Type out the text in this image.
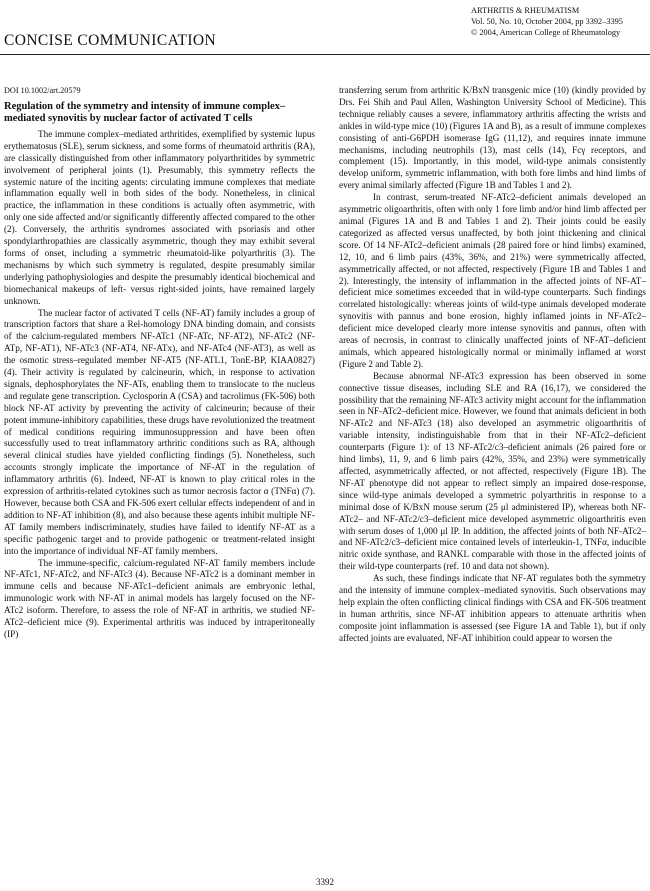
ARTHRITIS & RHEUMATISM
Vol. 50, No. 10, October 2004, pp 3392–3395
© 2004, American College of Rheumatology
CONCISE COMMUNICATION
DOI 10.1002/art.20579
Regulation of the symmetry and intensity of immune complex–mediated synovitis by nuclear factor of activated T cells

The immune complex–mediated arthritides, exemplified by systemic lupus erythematosus (SLE), serum sickness, and some forms of rheumatoid arthritis (RA), are classically distinguished from other inflammatory polyarthritides by symmetric involvement of peripheral joints (1). Presumably, this symmetry reflects the systemic nature of the inciting agents: circulating immune complexes that mediate inflammation equally well in both sides of the body. Nonetheless, in clinical practice, the inflammation in these conditions is actually often asymmetric, with only one side affected and/or significantly differently affected compared to the other (2). Conversely, the arthritis syndromes associated with psoriasis and other spondylarthropathies are classically asymmetric, though they may exhibit several forms of onset, including a symmetric rheumatoid-like polyarthritis (3). The mechanisms by which such symmetry is regulated, despite presumably similar underlying pathophysiologies and despite the presumably identical biochemical and biomechanical makeups of left- versus right-sided joints, have remained largely unknown.

The nuclear factor of activated T cells (NF-AT) family includes a group of transcription factors that share a Rel-homology DNA binding domain, and consists of the calcium-regulated members NF-ATc1 (NF-ATc, NF-AT2), NF-ATc2 (NF-ATp, NF-AT1), NF-ATc3 (NF-AT4, NF-ATx), and NF-ATc4 (NF-AT3), as well as the osmotic stress–regulated member NF-AT5 (NF-ATL1, TonE-BP, KIAA0827) (4). Their activity is regulated by calcineurin, which, in response to activation signals, dephosphorylates the NF-ATs, enabling them to translocate to the nucleus and regulate gene transcription. Cyclosporin A (CSA) and tacrolimus (FK-506) both block NF-AT activity by preventing the activity of calcineurin; because of their potent immune-inhibitory capabilities, these drugs have revolutionized the treatment of medical conditions requiring immunosuppression and have been often successfully used to treat inflammatory arthritic conditions such as RA, although several clinical studies have yielded conflicting findings (5). Nonetheless, such accounts strongly implicate the importance of NF-AT in the regulation of inflammatory arthritis (6). Indeed, NF-AT is known to play critical roles in the expression of arthritis-related cytokines such as tumor necrosis factor α (TNFα) (7). However, because both CSA and FK-506 exert cellular effects independent of and in addition to NF-AT inhibition (8), and also because these agents inhibit multiple NF-AT family members indiscriminately, studies have failed to identify NF-AT as a specific pathogenic target and to provide pathogenic or treatment-related insight into the importance of individual NF-AT family members.

The immune-specific, calcium-regulated NF-AT family members include NF-ATc1, NF-ATc2, and NF-ATc3 (4). Because NF-ATc2 is a dominant member in immune cells and because NF-ATc1–deficient animals are embryonic lethal, immunologic work with NF-AT in animal models has largely focused on the NF-ATc2 isoform. Therefore, to assess the role of NF-AT in arthritis, we studied NF-ATc2–deficient mice (9). Experimental arthritis was induced by intraperitoneally (IP)

transferring serum from arthritic K/BxN transgenic mice (10) (kindly provided by Drs. Fei Shih and Paul Allen, Washington University School of Medicine). This technique reliably causes a severe, inflammatory arthritis affecting the wrists and ankles in wild-type mice (10) (Figures 1A and B), as a result of immune complexes consisting of anti-G6PDH isomerase IgG (11,12), and requires innate immune mechanisms, including neutrophils (13), mast cells (14), Fcγ receptors, and complement (15). Importantly, in this model, wild-type animals consistently develop uniform, symmetric inflammation, with both fore limbs and hind limbs of every animal similarly affected (Figure 1B and Tables 1 and 2).

In contrast, serum-treated NF-ATc2–deficient animals developed an asymmetric oligoarthritis, often with only 1 fore limb and/or hind limb affected per animal (Figures 1A and B and Tables 1 and 2). Their joints could be easily categorized as affected versus unaffected, by both joint thickening and clinical score. Of 14 NF-ATc2–deficient animals (28 paired fore or hind limbs) examined, 12, 10, and 6 limb pairs (43%, 36%, and 21%) were symmetrically affected, asymmetrically affected, or not affected, respectively (Figure 1B and Tables 1 and 2). Interestingly, the intensity of inflammation in the affected joints of NF-AT–deficient mice sometimes exceeded that in wild-type counterparts. Such findings correlated histologically: whereas joints of wild-type animals developed moderate synovitis with pannus and bone erosion, highly inflamed joints in NF-ATc2–deficient mice developed clearly more intense synovitis and pannus, often with areas of necrosis, in contrast to clinically unaffected joints of NF-AT–deficient animals, which appeared histologically normal or minimally inflamed at worst (Figure 2 and Table 2).

Because abnormal NF-ATc3 expression has been observed in some connective tissue diseases, including SLE and RA (16,17), we considered the possibility that the remaining NF-ATc3 activity might account for the inflammation seen in NF-ATc2–deficient mice. However, we found that animals deficient in both NF-ATc2 and NF-ATc3 (18) also developed an asymmetric oligoarthritis of variable intensity, indistinguishable from that in their NF-ATc2–deficient counterparts (Figure 1): of 13 NF-ATc2/c3–deficient animals (26 paired fore or hind limbs), 11, 9, and 6 limb pairs (42%, 35%, and 23%) were symmetrically affected, asymmetrically affected, or not affected, respectively (Figure 1B). The NF-AT phenotype did not appear to reflect simply an impaired dose-response, since wild-type animals developed a symmetric polyarthritis in response to a minimal dose of K/BxN mouse serum (25 μl administered IP), whereas both NF-ATc2– and NF-ATc2/c3–deficient mice developed asymmetric oligoarthritis even with serum doses of 1,000 μl IP. In addition, the affected joints of both NF-ATc2– and NF-ATc2/c3–deficient mice contained levels of interleukin-1, TNFα, inducible nitric oxide synthase, and RANKL comparable with those in the affected joints of their wild-type counterparts (ref. 10 and data not shown).

As such, these findings indicate that NF-AT regulates both the symmetry and the intensity of immune complex–mediated synovitis. Such observations may help explain the often conflicting clinical findings with CSA and FK-506 treatment in human arthritis, since NF-AT inhibition appears to attenuate arthritis when composite joint inflammation is assessed (see Figure 1A and Table 1), but if only affected joints are evaluated, NF-AT inhibition could appear to worsen the

3392
